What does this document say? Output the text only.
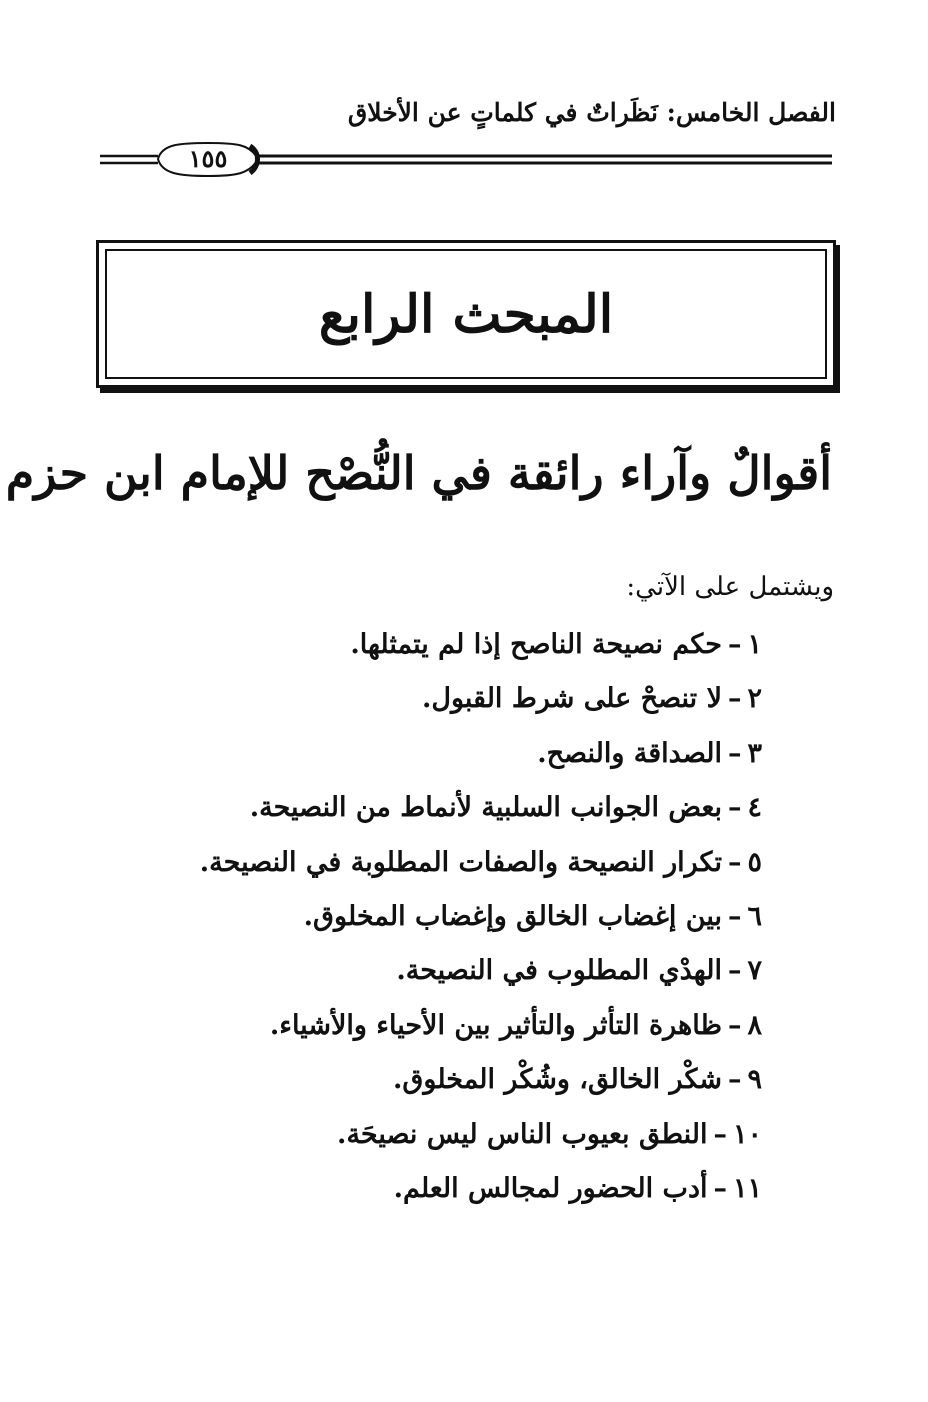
الفصل الخامس: نَظَراتٌ في كلماتٍ عن الأخلاق
١٥٥
المبحث الرابع
أقوالٌ وآراء رائقة في النُّصْح للإمام ابن حزم
ويشتمل على الآتي:
١–حكم نصيحة الناصح إذا لم يتمثلها.
٢–لا تنصحْ على شرط القبول.
٣–الصداقة والنصح.
٤–بعض الجوانب السلبية لأنماط من النصيحة.
٥–تكرار النصيحة والصفات المطلوبة في النصيحة.
٦–بين إغضاب الخالق وإغضاب المخلوق.
٧–الهدْي المطلوب في النصيحة.
٨–ظاهرة التأثر والتأثير بين الأحياء والأشياء.
٩–شكْر الخالق، وشُكْر المخلوق.
١٠–النطق بعيوب الناس ليس نصيحَة.
١١–أدب الحضور لمجالس العلم.
